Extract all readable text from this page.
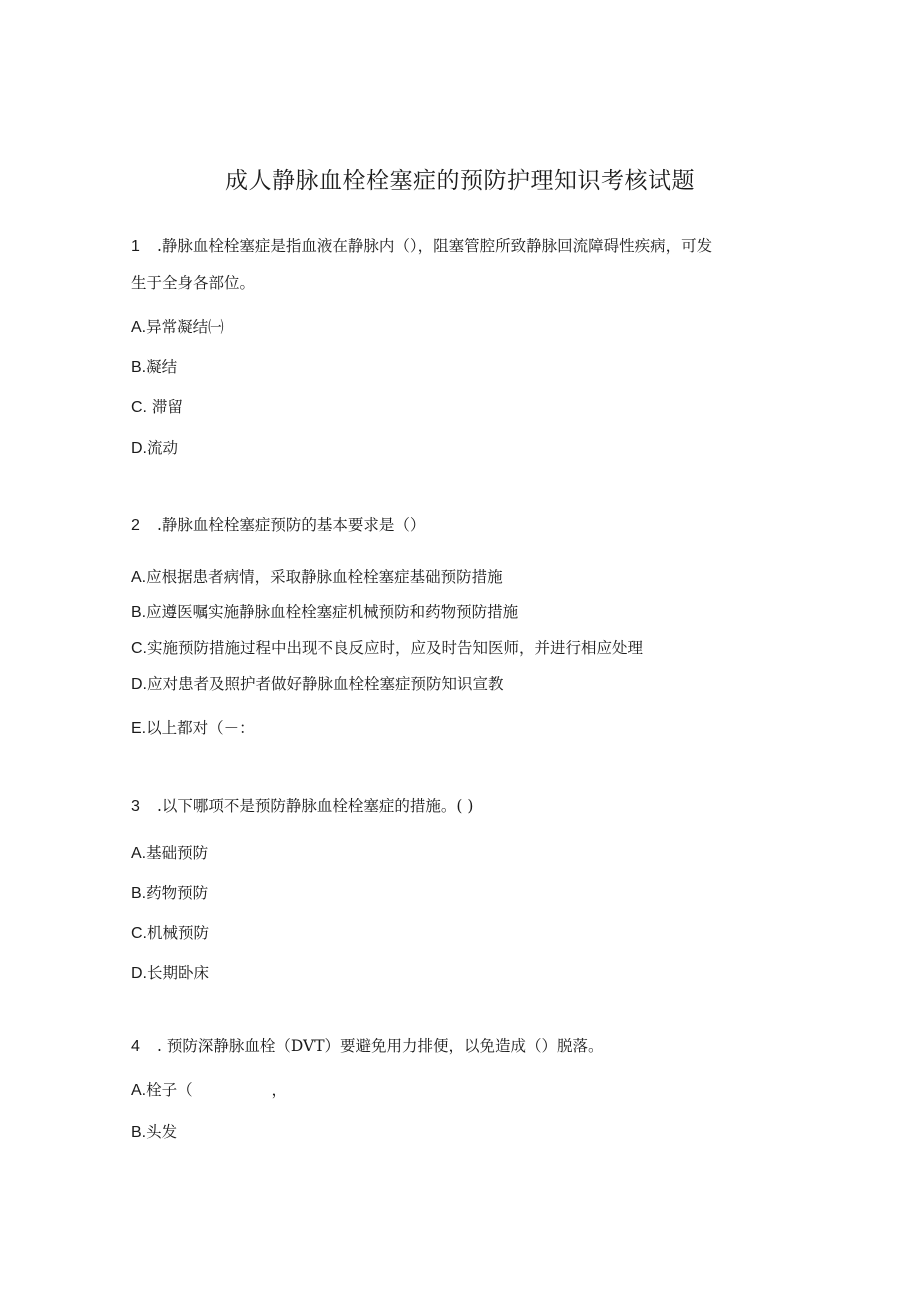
成人静脉血栓栓塞症的预防护理知识考核试题

1 .静脉血栓栓塞症是指血液在静脉内（），阻塞管腔所致静脉回流障碍性疾病，可发

生于全身各部位。

A.异常凝结㈠

B.凝结

C. 滞留

D.流动

2 .静脉血栓栓塞症预防的基本要求是（）

A.应根据患者病情，采取静脉血栓栓塞症基础预防措施

B.应遵医嘱实施静脉血栓栓塞症机械预防和药物预防措施

C.实施预防措施过程中出现不良反应时，应及时告知医师，并进行相应处理

D.应对患者及照护者做好静脉血栓栓塞症预防知识宣教

E.以上都对（－：

3 .以下哪项不是预防静脉血栓栓塞症的措施。( )

A.基础预防

B.药物预防

C.机械预防

D.长期卧床

4 . 预防深静脉血栓（DVT）要避免用力排便，以免造成（）脱落。

A.栓子（                ，

B.头发
